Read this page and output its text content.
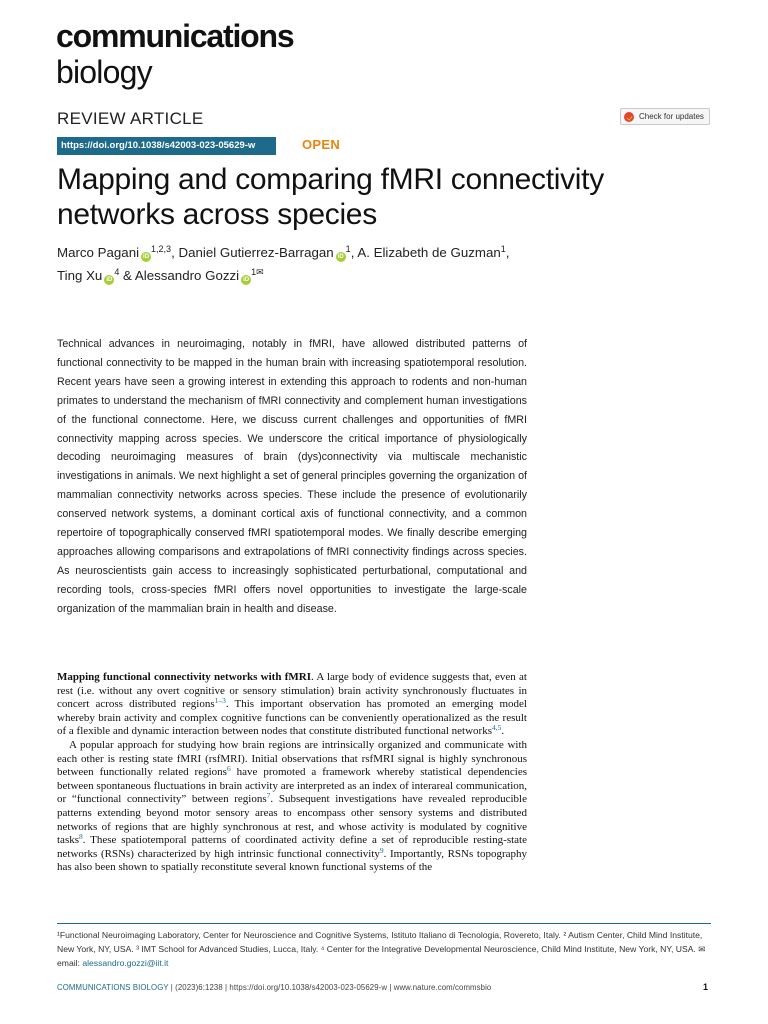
communications
biology
REVIEW ARTICLE	Check for updates
https://doi.org/10.1038/s42003-023-05629-w	OPEN
Mapping and comparing fMRI connectivity networks across species
Marco Pagani iD$^{1,2,3}$, Daniel Gutierrez-Barragan $iD^1$, A. Elizabeth de Guzman$^1$,
Ting Xu $iD^4$ & Alessandro Gozzi $iD^{1✉}$
Technical advances in neuroimaging, notably in fMRI, have allowed distributed patterns of functional connectivity to be mapped in the human brain with increasing spatiotemporal resolution. Recent years have seen a growing interest in extending this approach to rodents and non-human primates to understand the mechanism of fMRI connectivity and complement human investigations of the functional connectome. Here, we discuss current challenges and opportunities of fMRI connectivity mapping across species. We underscore the critical importance of physiologically decoding neuroimaging measures of brain (dys)connectivity via multiscale mechanistic investigations in animals. We next highlight a set of general principles governing the organization of mammalian connectivity networks across species. These include the presence of evolutionarily conserved network systems, a dominant cortical axis of functional connectivity, and a common repertoire of topographically conserved fMRI spatiotemporal modes. We finally describe emerging approaches allowing comparisons and extrapolations of fMRI connectivity findings across species. As neuroscientists gain access to increasingly sophisticated perturbational, computational and recording tools, cross-species fMRI offers novel opportunities to investigate the large-scale organization of the mammalian brain in health and disease.

Mapping functional connectivity networks with fMRI. A large body of evidence suggests that, even at rest (i.e. without any overt cognitive or sensory stimulation) brain activity synchronously fluctuates in concert across distributed regions$^{1-3}$. This important observation has promoted an emerging model whereby brain activity and complex cognitive functions can be conveniently operationalized as the result of a flexible and dynamic interaction between nodes that constitute distributed functional networks$^{4,5}$.

A popular approach for studying how brain regions are intrinsically organized and communicate with each other is resting state fMRI (rsfMRI). Initial observations that rsfMRI signal is highly synchronous between functionally related regions$^6$ have promoted a framework whereby statistical dependencies between spontaneous fluctuations in brain activity are interpreted as an index of interareal communication, or “functional connectivity” between regions$^7$. Subsequent investigations have revealed reproducible patterns extending beyond motor sensory areas to encompass other sensory systems and distributed networks of regions that are highly synchronous at rest, and whose activity is modulated by cognitive tasks$^8$. These spatiotemporal patterns of coordinated activity define a set of reproducible resting-state networks (RSNs) characterized by high intrinsic functional connectivity$^9$. Importantly, RSNs topography has also been shown to spatially reconstitute several known functional systems of the

¹Functional Neuroimaging Laboratory, Center for Neuroscience and Cognitive Systems, Istituto Italiano di Tecnologia, Rovereto, Italy. ² Autism Center, Child Mind Institute, New York, NY, USA. ³ IMT School for Advanced Studies, Lucca, Italy. ⁴ Center for the Integrative Developmental Neuroscience, Child Mind Institute, New York, NY, USA. ✉email: alessandro.gozzi@iit.it
COMMUNICATIONS BIOLOGY | (2023)6:1238 | https://doi.org/10.1038/s42003-023-05629-w | www.nature.com/commsbio	1
